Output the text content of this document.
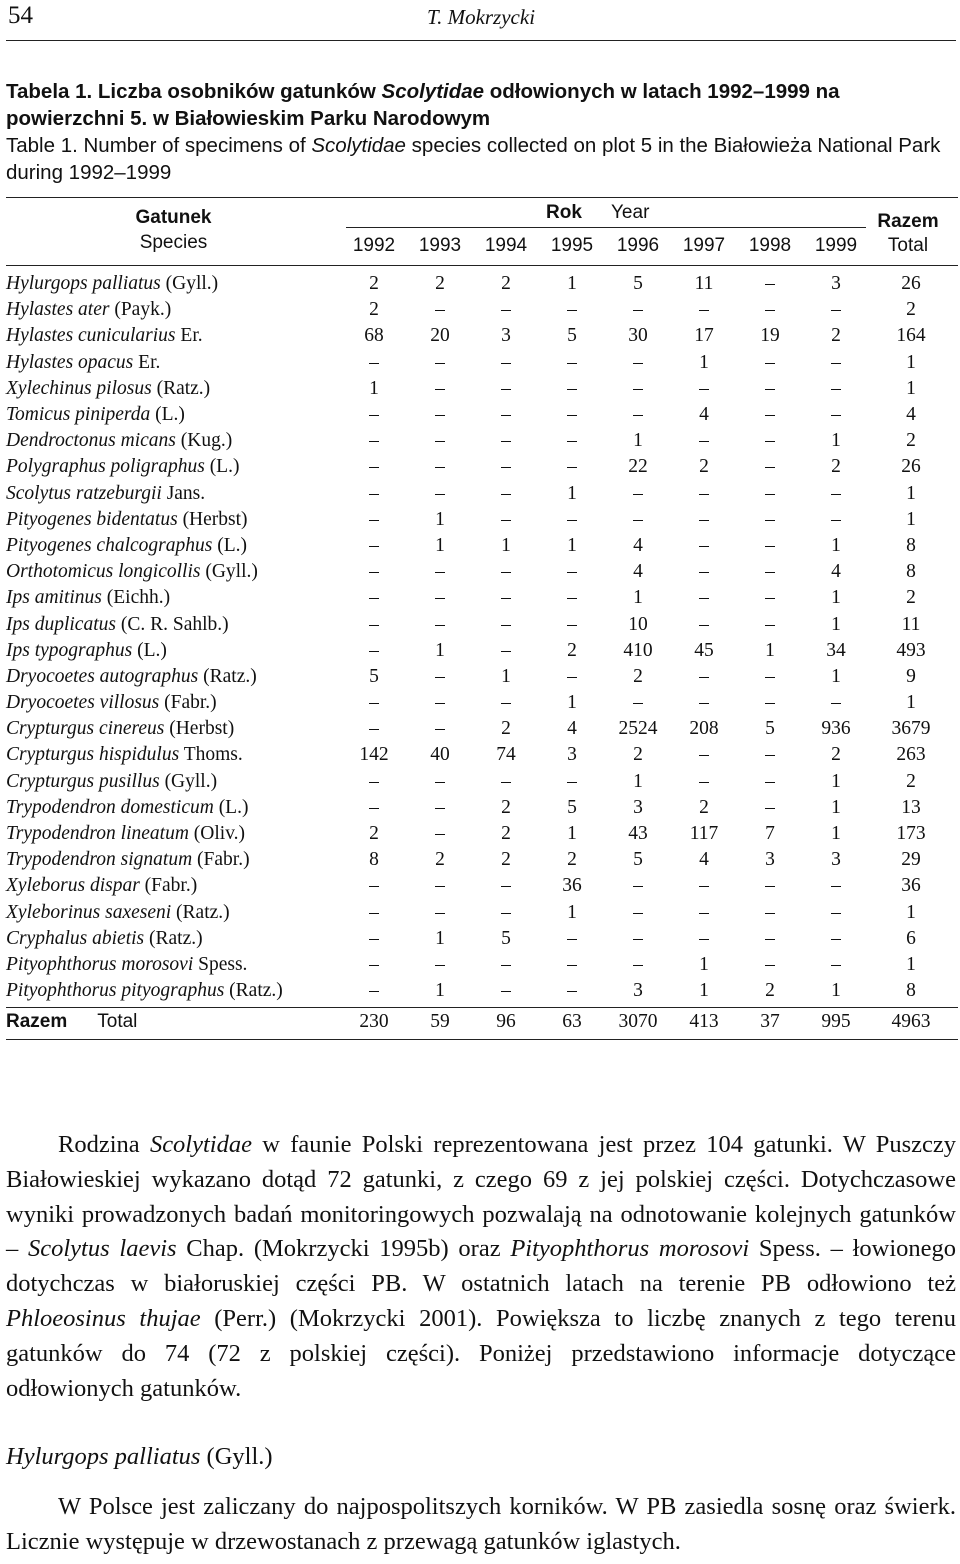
54	T. Mokrzycki
Tabela 1. Liczba osobników gatunków Scolytidae odłowionych w latach 1992–1999 na powierzchni 5. w Białowieskim Parku Narodowym
Table 1. Number of specimens of Scolytidae species collected on plot 5 in the Białowieża National Park during 1992–1999
Gatunek
Species
Rok Year	Razem
Total
1992	1993	1994	1995	1996	1997	1998	1999
Hylurgops palliatus (Gyll.)	2	2	2	1	5	11	–	3	26
Hylastes ater (Payk.)	2	–	–	–	–	–	–	–	2
Hylastes cunicularius Er.	68	20	3	5	30	17	19	2	164
Hylastes opacus Er.	–	–	–	–	–	1	–	–	1
Xylechinus pilosus (Ratz.)	1	–	–	–	–	–	–	–	1
Tomicus piniperda (L.)	–	–	–	–	–	4	–	–	4
Dendroctonus micans (Kug.)	–	–	–	–	1	–	–	1	2
Polygraphus poligraphus (L.)	–	–	–	–	22	2	–	2	26
Scolytus ratzeburgii Jans.	–	–	–	1	–	–	–	–	1
Pityogenes bidentatus (Herbst)	–	1	–	–	–	–	–	–	1
Pityogenes chalcographus (L.)	–	1	1	1	4	–	–	1	8
Orthotomicus longicollis (Gyll.)	–	–	–	–	4	–	–	4	8
Ips amitinus (Eichh.)	–	–	–	–	1	–	–	1	2
Ips duplicatus (C. R. Sahlb.)	–	–	–	–	10	–	–	1	11
Ips typographus (L.)	–	1	–	2	410	45	1	34	493
Dryocoetes autographus (Ratz.)	5	–	1	–	2	–	–	1	9
Dryocoetes villosus (Fabr.)	–	–	–	1	–	–	–	–	1
Crypturgus cinereus (Herbst)	–	–	2	4	2524	208	5	936	3679
Crypturgus hispidulus Thoms.	142	40	74	3	2	–	–	2	263
Crypturgus pusillus (Gyll.)	–	–	–	–	1	–	–	1	2
Trypodendron domesticum (L.)	–	–	2	5	3	2	–	1	13
Trypodendron lineatum (Oliv.)	2	–	2	1	43	117	7	1	173
Trypodendron signatum (Fabr.)	8	2	2	2	5	4	3	3	29
Xyleborus dispar (Fabr.)	–	–	–	36	–	–	–	–	36
Xyleborinus saxeseni (Ratz.)	–	–	–	1	–	–	–	–	1
Cryphalus abietis (Ratz.)	–	1	5	–	–	–	–	–	6
Pityophthorus morosovi Spess.	–	–	–	–	–	1	–	–	1
Pityophthorus pityographus (Ratz.)	–	1	–	–	3	1	2	1	8
Razem Total	230	59	96	63	3070	413	37	995	4963

Rodzina Scolytidae w faunie Polski reprezentowana jest przez 104 gatunki. W Puszczy Białowieskiej wykazano dotąd 72 gatunki, z czego 69 z jej polskiej części. Dotychczasowe wyniki prowadzonych badań monitoringowych pozwalają na odnotowanie kolejnych gatunków – Scolytus laevis Chap. (Mokrzycki 1995b) oraz Pityophthorus morosovi Spess. – łowionego dotychczas w białoruskiej części PB. W ostatnich latach na terenie PB odłowiono też Phloeosinus thujae (Perr.) (Mokrzycki 2001). Powiększa to liczbę znanych z tego terenu gatunków do 74 (72 z polskiej części). Poniżej przedstawiono informacje dotyczące odłowionych gatunków.

Hylurgops palliatus (Gyll.)

W Polsce jest zaliczany do najpospolitszych korników. W PB zasiedla sosnę oraz świerk. Licznie występuje w drzewostanach z przewagą gatunków iglastych.
